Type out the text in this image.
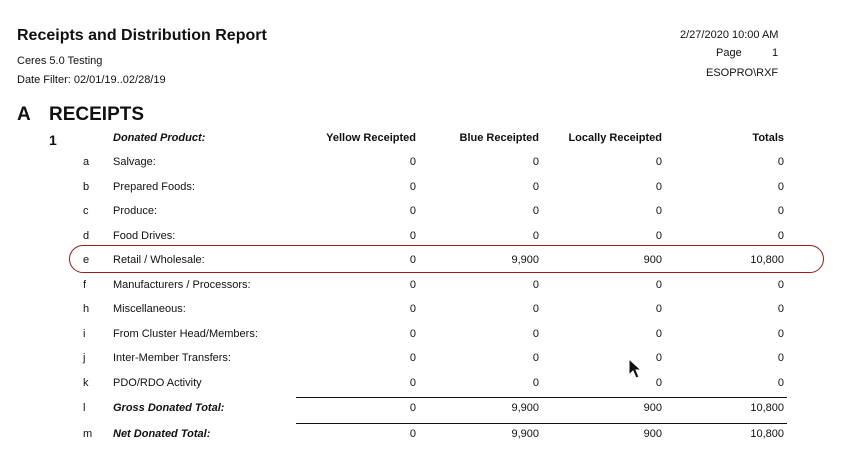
Receipts and Distribution Report
Ceres 5.0 Testing
Date Filter: 02/01/19..02/28/19
2/27/2020 10:00 AM
Page	1
ESOPRO\RXF
A RECEIPTS
1	Donated Product:	Yellow Receipted	Blue Receipted	Locally Receipted	Totals
a Salvage:	0	0	0	0
b Prepared Foods:	0	0	0	0
c Produce:	0	0	0	0
d Food Drives:	0	0	0	0
e Retail / Wholesale:	0	9,900	900	10,800
f Manufacturers / Processors:	0	0	0	0
h Miscellaneous:	0	0	0	0
i	From Cluster Head/Members:	0	0	0	0
j	Inter-Member Transfers:	0	0	0	0
k PDO/RDO Activity	0	0	0	0
l	Gross Donated Total:	0	9,900	900	10,800
m Net Donated Total:	0	9,900	900	10,800
